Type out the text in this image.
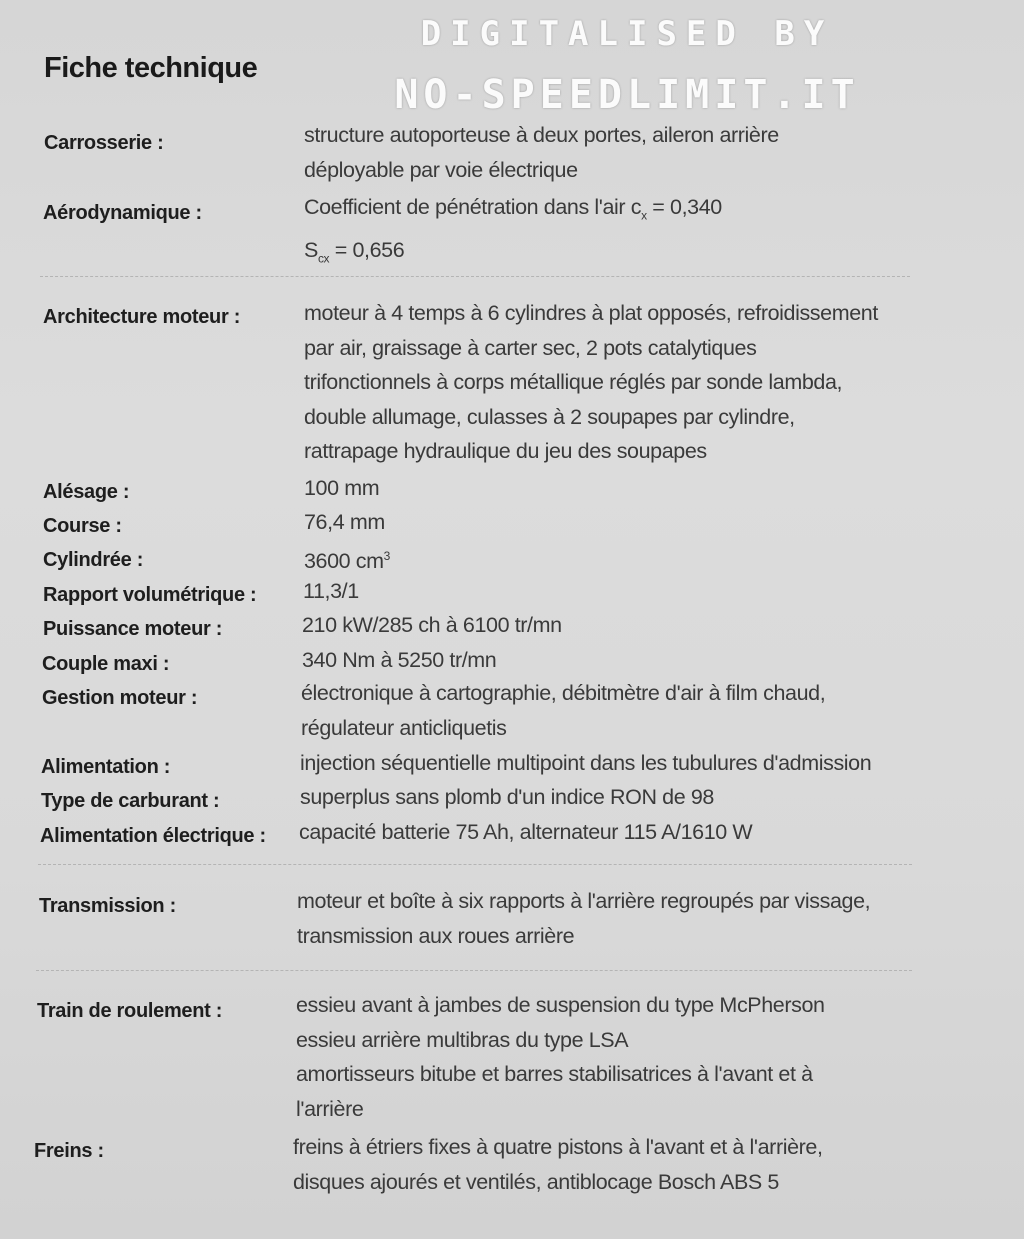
DIGITALISED BY
NO-SPEEDLIMIT.IT
Fiche technique
Carrosserie :	structure autoporteuse à deux portes, aileron arrière
déployable par voie électrique
Aérodynamique :	Coefficient de pénétration dans l'air $c_x = 0,340$
$S_{cx} = 0,656$
Architecture moteur :	moteur à 4 temps à 6 cylindres à plat opposés, refroidissement
par air, graissage à carter sec, 2 pots catalytiques
trifonctionnels à corps métallique réglés par sonde lambda,
double allumage, culasses à 2 soupapes par cylindre,
rattrapage hydraulique du jeu des soupapes
Alésage :	100 mm
Course :	76,4 mm
Cylindrée :	3600 $cm^3$
Rapport volumétrique : 11,3/1
Puissance moteur :	210 kW/285 ch à 6100 tr/mn
Couple maxi :	340 Nm à 5250 tr/mn
Gestion moteur :	électronique à cartographie, débitmètre d'air à film chaud,
régulateur anticliquetis
Alimentation :	injection séquentielle multipoint dans les tubulures d'admission
Type de carburant :	superplus sans plomb d'un indice RON de 98
Alimentation électrique : capacité batterie 75 Ah, alternateur 115 A/1610 W
Transmission :	moteur et boîte à six rapports à l'arrière regroupés par vissage,
transmission aux roues arrière
Train de roulement :	essieu avant à jambes de suspension du type McPherson
essieu arrière multibras du type LSA
amortisseurs bitube et barres stabilisatrices à l'avant et à
l'arrière
Freins :	freins à étriers fixes à quatre pistons à l'avant et à l'arrière,
disques ajourés et ventilés, antiblocage Bosch ABS 5
